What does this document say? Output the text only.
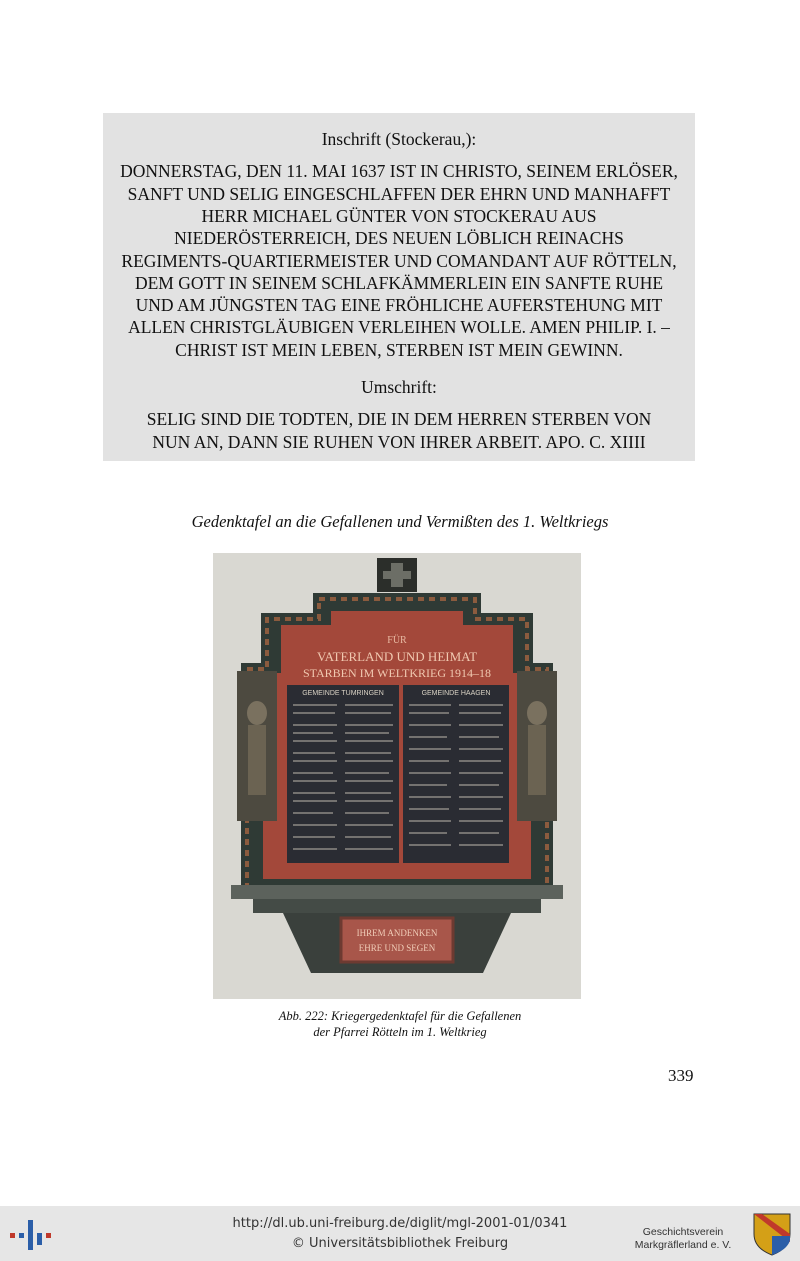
Inschrift (Stockerau,):
DONNERSTAG, DEN 11. MAI 1637 IST IN CHRISTO, SEINEM ERLÖSER,
SANFT UND SELIG EINGESCHLAFFEN DER EHRN UND MANHAFFT
HERR MICHAEL GÜNTER VON STOCKERAU AUS
NIEDERÖSTERREICH, DES NEUEN LÖBLICH REINACHS
REGIMENTS-QUARTIERMEISTER UND COMANDANT AUF RÖTTELN,
DEM GOTT IN SEINEM SCHLAFKÄMMERLEIN EIN SANFTE RUHE
UND AM JÜNGSTEN TAG EINE FRÖHLICHE AUFERSTEHUNG MIT
ALLEN CHRISTGLÄUBIGEN VERLEIHEN WOLLE. AMEN PHILIP. I. –
CHRIST IST MEIN LEBEN, STERBEN IST MEIN GEWINN.
Umschrift:
SELIG SIND DIE TODTEN, DIE IN DEM HERREN STERBEN VON
NUN AN, DANN SIE RUHEN VON IHRER ARBEIT. APO. C. XIIII
Gedenktafel an die Gefallenen und Vermißten des 1. Weltkriegs
FÜR
VATERLAND UND HEIMAT
STARBEN IM WELTKRIEG 1914–18
GEMEINDE TUMRINGEN	GEMEINDE HAAGEN
IHREM ANDENKEN
EHRE UND SEGEN
Abb. 222: Kriegergedenktafel für die Gefallenen
der Pfarrei Rötteln im 1. Weltkrieg
339
http://dl.ub.uni-freiburg.de/diglit/mgl-2001-01/0341
© Universitätsbibliothek Freiburg
Geschichtsverein
Markgräflerland e. V.
